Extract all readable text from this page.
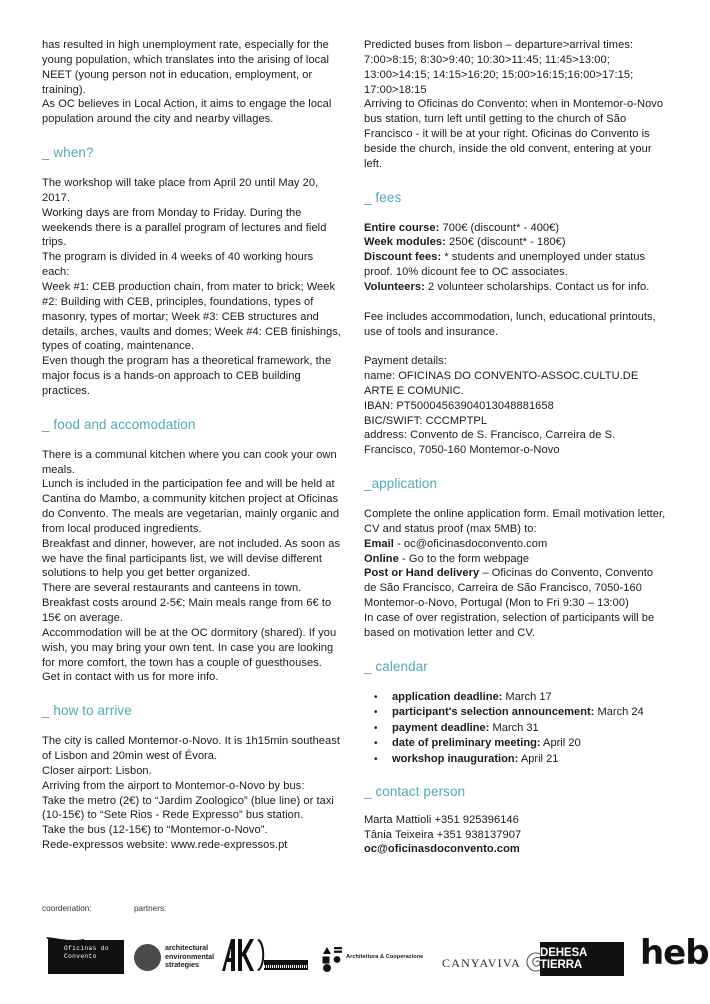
has resulted in high unemployment rate, especially for the young population, which translates into the arising of local NEET (young person not in education, employment, or training).

As OC believes in Local Action, it aims to engage the local population around the city and nearby villages.

_ when?

The workshop will take place from April 20 until May 20, 2017.

Working days are from Monday to Friday. During the weekends there is a parallel program of lectures and field trips.

The program is divided in 4 weeks of 40 working hours each:

Week #1: CEB production chain, from mater to brick; Week #2: Building with CEB, principles, foundations, types of masonry, types of mortar; Week #3: CEB structures and details, arches, vaults and domes; Week #4: CEB finishings, types of coating, maintenance.

Even though the program has a theoretical framework, the major focus is a hands-on approach to CEB building practices.

_ food and accomodation

There is a communal kitchen where you can cook your own meals.

Lunch is included in the participation fee and will be held at Cantina do Mambo, a community kitchen project at Oficinas do Convento. The meals are vegetarian, mainly organic and from local produced ingredients.

Breakfast and dinner, however, are not included. As soon as we have the final participants list, we will devise different solutions to help you get better organized.

There are several restaurants and canteens in town. Breakfast costs around 2-5€; Main meals range from 6€ to 15€ on average.

Accommodation will be at the OC dormitory (shared). If you wish, you may bring your own tent. In case you are looking for more comfort, the town has a couple of guesthouses. Get in contact with us for more info.

_ how to arrive

The city is called Montemor-o-Novo. It is 1h15min southeast of Lisbon and 20min west of Évora.

Closer airport: Lisbon.

Arriving from the airport to Montemor-o-Novo by bus:

Take the metro (2€) to “Jardim Zoologico” (blue line) or taxi (10-15€) to “Sete Rios - Rede Expresso” bus station.

Take the bus (12-15€) to “Montemor-o-Novo”.

Rede-expressos website: www.rede-expressos.pt

Predicted buses from lisbon – departure>arrival times: 7:00>8:15; 8:30>9:40; 10:30>11:45; 11:45>13:00; 13:00>14:15; 14:15>16:20; 15:00>16:15;16:00>17:15; 17:00>18:15

Arriving to Oficinas do Convento: when in Montemor-o-Novo bus station, turn left until getting to the church of São Francisco - it will be at your right. Oficinas do Convento is beside the church, inside the old convent, entering at your left.

_ fees

Entire course: 700€ (discount* - 400€)

Week modules: 250€ (discount* - 180€)

Discount fees: * students and unemployed under status proof. 10% dicount fee to OC associates.

Volunteers: 2 volunteer scholarships. Contact us for info.

Fee includes accommodation, lunch, educational printouts, use of tools and insurance.

Payment details:

name: OFICINAS DO CONVENTO-ASSOC.CULTU.DE ARTE E COMUNIC.

IBAN: PT50004563904013048881658

BIC/SWIFT: CCCMPTPL

address: Convento de S. Francisco, Carreira de S. Francisco, 7050-160 Montemor-o-Novo

_application

Complete the online application form. Email motivation letter, CV and status proof (max 5MB) to:

Email - oc@oficinasdoconvento.com

Online - Go to the form webpage

Post or Hand delivery – Oficinas do Convento, Convento de São Francisco, Carreira de São Francisco, 7050-160 Montemor-o-Novo, Portugal (Mon to Fri 9:30 – 13:00)

In case of over registration, selection of participants will be based on motivation letter and CV.

_ calendar
• application deadline: March 17
• participant's selection announcement: March 24
• payment deadline: March 31
• date of preliminary meeting: April 20
• workshop inauguration: April 21
_ contact person

Marta Mattioli +351 925396146

Tânia Teixeira +351 938137907

oc@oficinasdoconvento.com

coordenation:	partners:
Oficinas do
Convento
architectural
environmental
strategies
Architettura & Cooperazione CANYAVIVA
DEHESA TIERRA	heb
